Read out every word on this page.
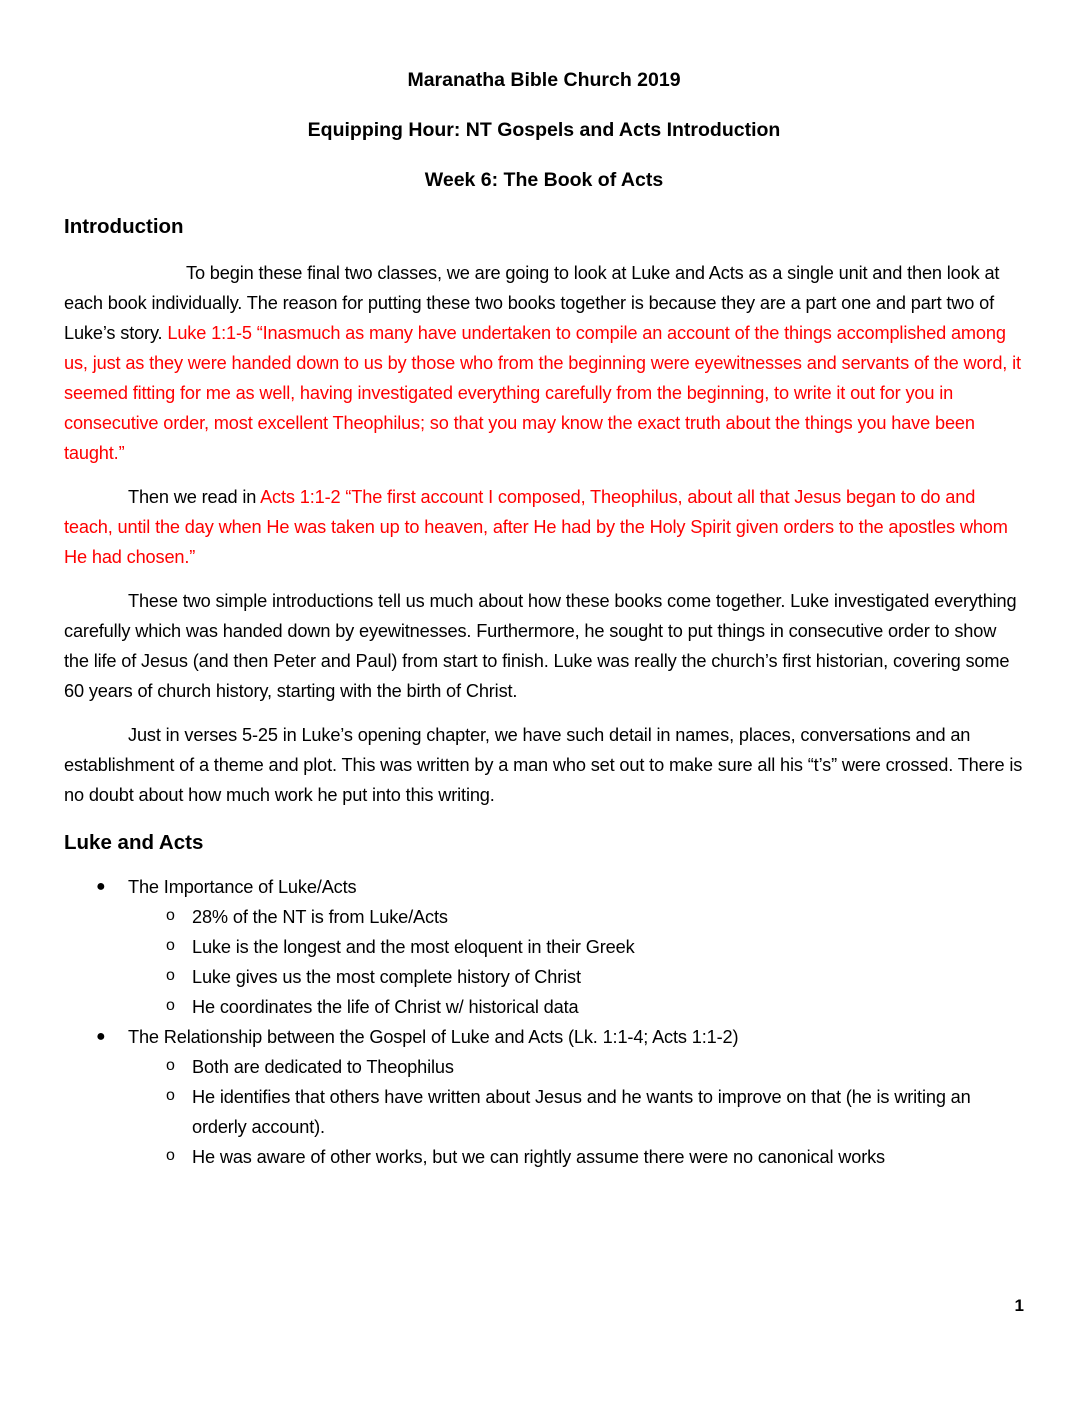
Maranatha Bible Church 2019
Equipping Hour: NT Gospels and Acts Introduction
Week 6: The Book of Acts
Introduction

To begin these final two classes, we are going to look at Luke and Acts as a single unit and then look at each book individually. The reason for putting these two books together is because they are a part one and part two of Luke’s story. Luke 1:1-5 “Inasmuch as many have undertaken to compile an account of the things accomplished among us, just as they were handed down to us by those who from the beginning were eyewitnesses and servants of the word, it seemed fitting for me as well, having investigated everything carefully from the beginning, to write it out for you in consecutive order, most excellent Theophilus; so that you may know the exact truth about the things you have been taught.”

Then we read in Acts 1:1-2 “The first account I composed, Theophilus, about all that Jesus began to do and teach, until the day when He was taken up to heaven, after He had by the Holy Spirit given orders to the apostles whom He had chosen.”

These two simple introductions tell us much about how these books come together. Luke investigated everything carefully which was handed down by eyewitnesses. Furthermore, he sought to put things in consecutive order to show the life of Jesus (and then Peter and Paul) from start to finish. Luke was really the church’s first historian, covering some 60 years of church history, starting with the birth of Christ.

Just in verses 5-25 in Luke’s opening chapter, we have such detail in names, places, conversations and an establishment of a theme and plot. This was written by a man who set out to make sure all his “t’s” were crossed. There is no doubt about how much work he put into this writing.

Luke and Acts
● The Importance of Luke/Acts
o 28% of the NT is from Luke/Acts
o Luke is the longest and the most eloquent in their Greek
o Luke gives us the most complete history of Christ
o He coordinates the life of Christ w/ historical data
● The Relationship between the Gospel of Luke and Acts (Lk. 1:1-4; Acts 1:1-2)
o Both are dedicated to Theophilus
o He identifies that others have written about Jesus and he wants to improve on that (he is writing an orderly account).
o He was aware of other works, but we can rightly assume there were no canonical works
1
